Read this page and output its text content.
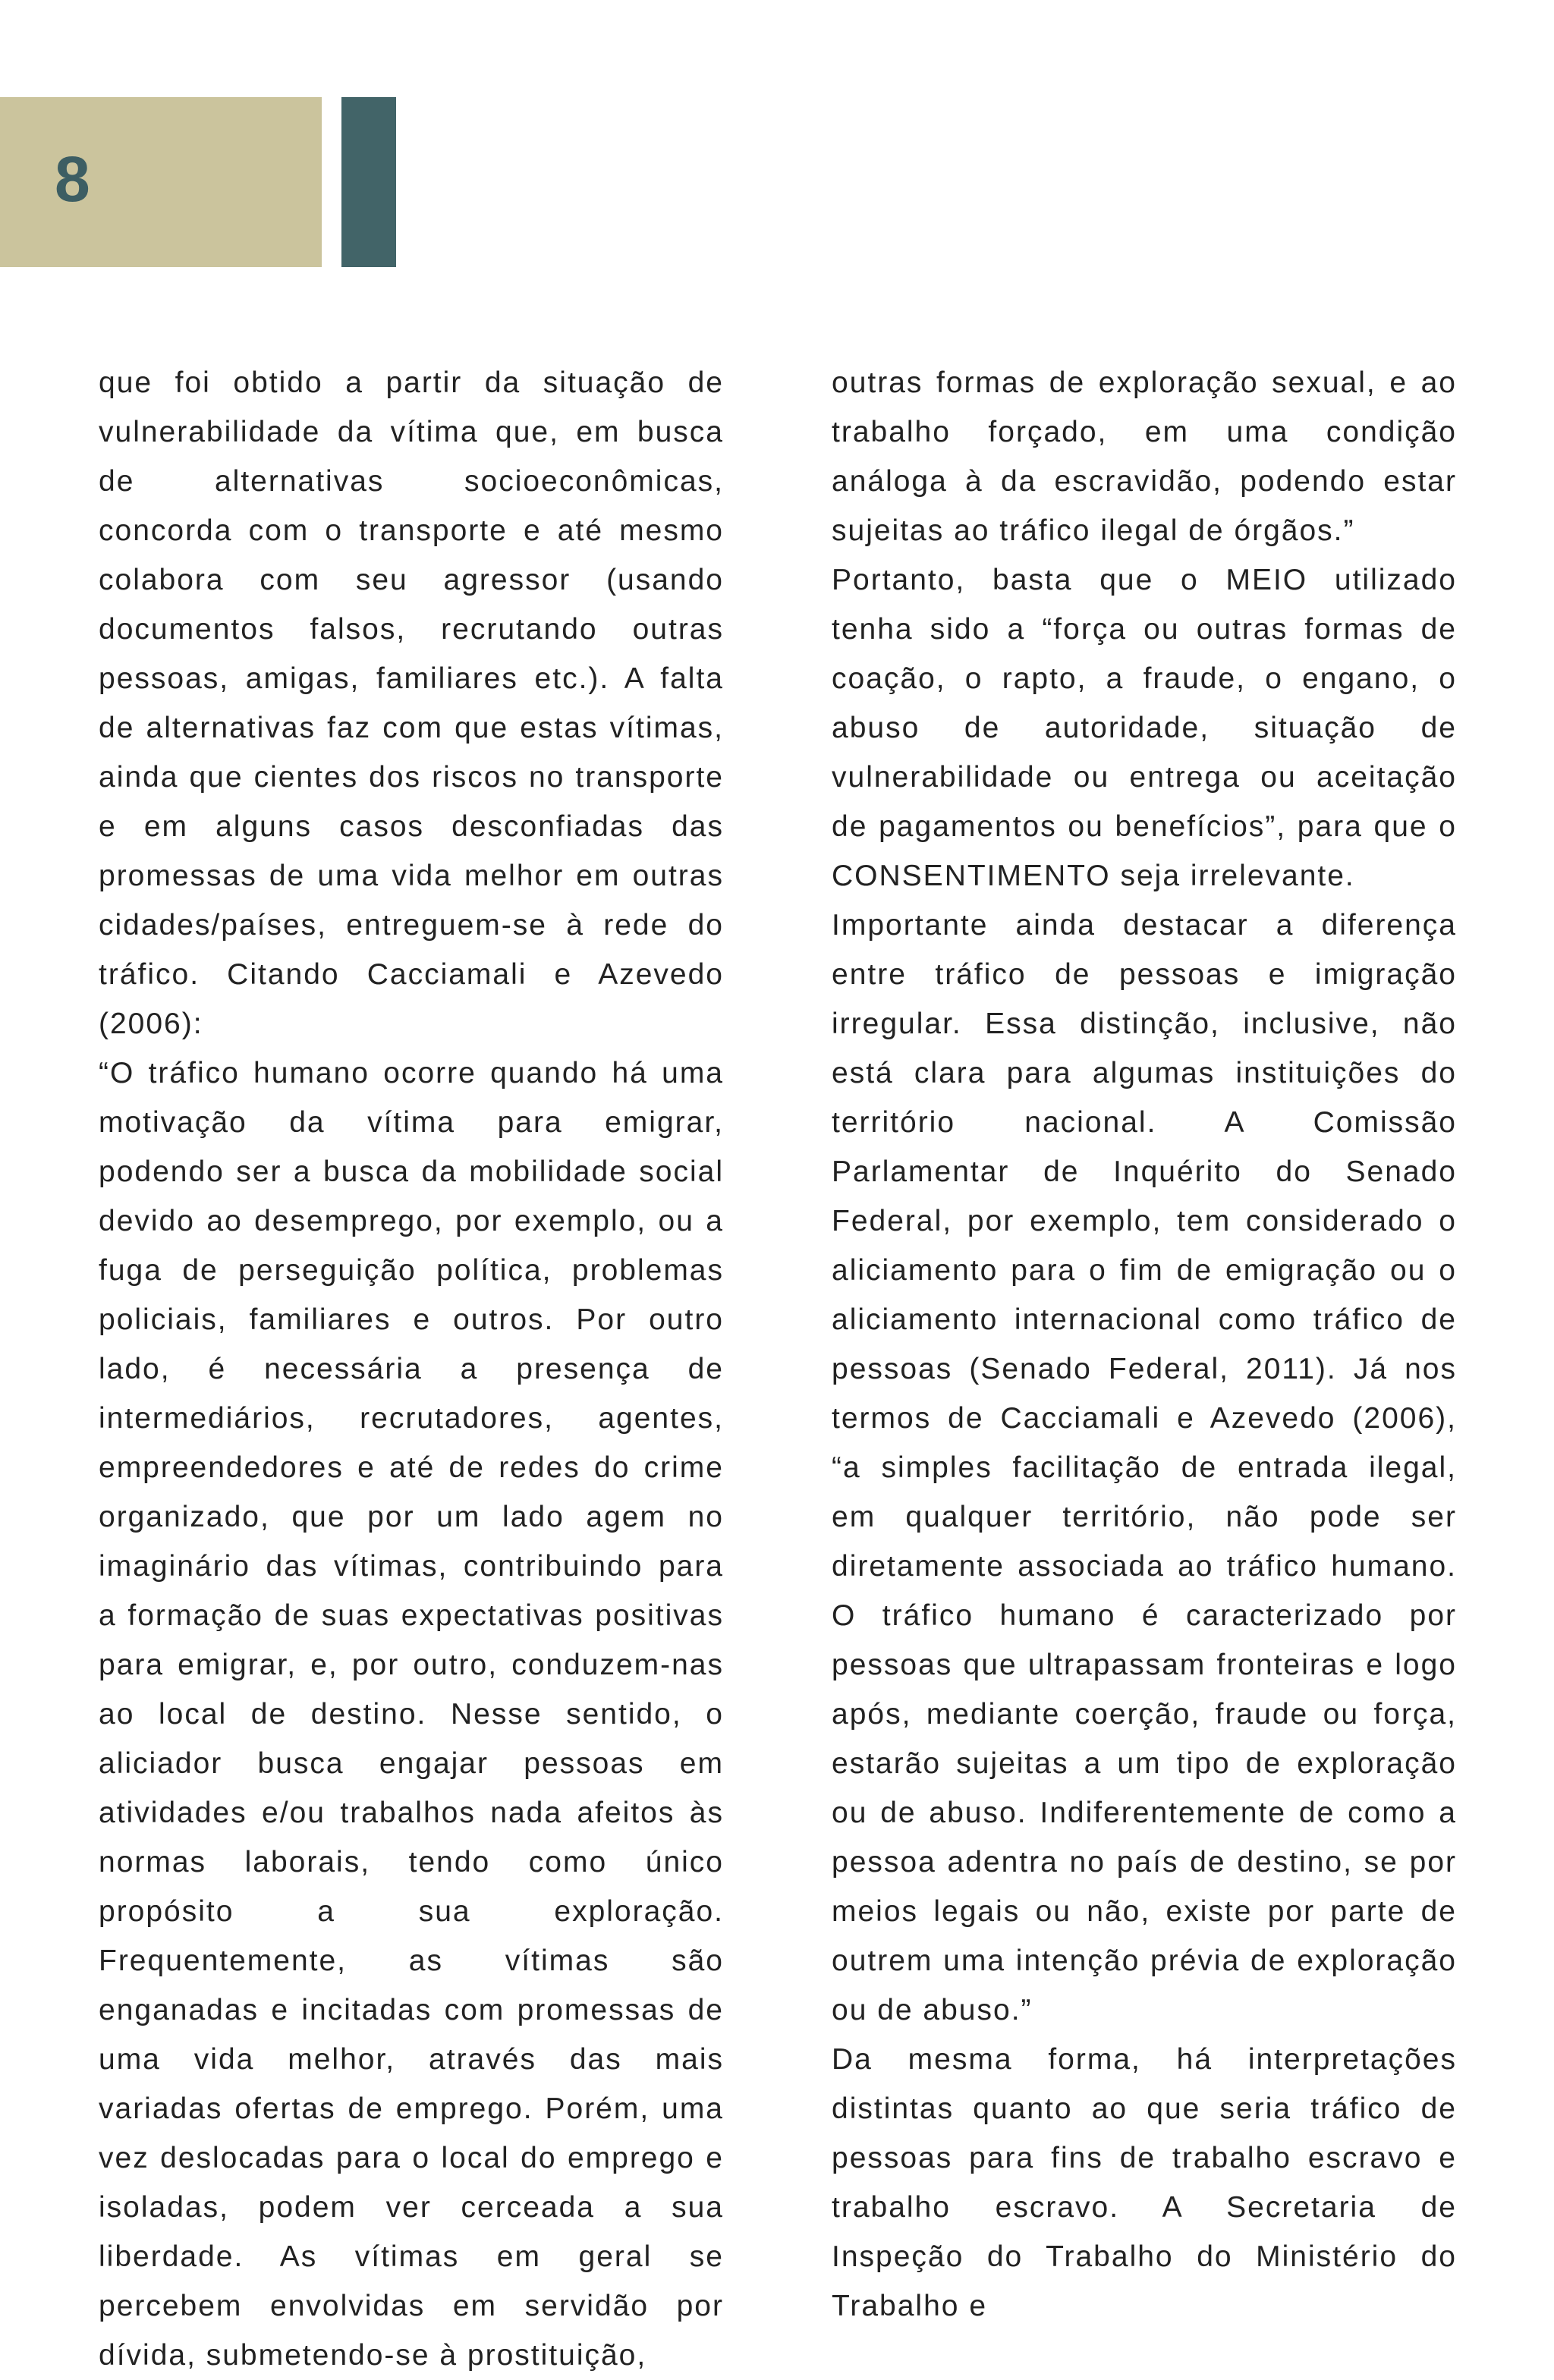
8

que foi obtido a partir da situação de vulnerabilidade da vítima que, em busca de alternativas socioeconômicas, concorda com o transporte e até mesmo colabora com seu agressor (usando documentos falsos, recrutando outras pessoas, amigas, familiares etc.). A falta de alternativas faz com que estas vítimas, ainda que cientes dos riscos no transporte e em alguns casos desconfiadas das promessas de uma vida melhor em outras cidades/países, entreguem-se à rede do tráfico. Citando Cacciamali e Azevedo (2006):

“O tráfico humano ocorre quando há uma motivação da vítima para emigrar, podendo ser a busca da mobilidade social devido ao desemprego, por exemplo, ou a fuga de perseguição política, problemas policiais, familiares e outros. Por outro lado, é necessária a presença de intermediários, recrutadores, agentes, empreendedores e até de redes do crime organizado, que por um lado agem no imaginário das vítimas, contribuindo para a formação de suas expectativas positivas para emigrar, e, por outro, conduzem-nas ao local de destino. Nesse sentido, o aliciador busca engajar pessoas em atividades e/ou trabalhos nada afeitos às normas laborais, tendo como único propósito a sua exploração. Frequentemente, as vítimas são enganadas e incitadas com promessas de uma vida melhor, através das mais variadas ofertas de emprego. Porém, uma vez deslocadas para o local do emprego e isoladas, podem ver cerceada a sua liberdade. As vítimas em geral se percebem envolvidas em servidão por dívida, submetendo-se à prostituição,

outras formas de exploração sexual, e ao trabalho forçado, em uma condição análoga à da escravidão, podendo estar sujeitas ao tráfico ilegal de órgãos.”

Portanto, basta que o MEIO utilizado tenha sido a “força ou outras formas de coação, o rapto, a fraude, o engano, o abuso de autoridade, situação de vulnerabilidade ou entrega ou aceitação de pagamentos ou benefícios”, para que o CONSENTIMENTO seja irrelevante.

Importante ainda destacar a diferença entre tráfico de pessoas e imigração irregular. Essa distinção, inclusive, não está clara para algumas instituições do território nacional. A Comissão Parlamentar de Inquérito do Senado Federal, por exemplo, tem considerado o aliciamento para o fim de emigração ou o aliciamento internacional como tráfico de pessoas (Senado Federal, 2011). Já nos termos de Cacciamali e Azevedo (2006), “a simples facilitação de entrada ilegal, em qualquer território, não pode ser diretamente associada ao tráfico humano. O tráfico humano é caracterizado por pessoas que ultrapassam fronteiras e logo após, mediante coerção, fraude ou força, estarão sujeitas a um tipo de exploração ou de abuso. Indiferentemente de como a pessoa adentra no país de destino, se por meios legais ou não, existe por parte de outrem uma intenção prévia de exploração ou de abuso.”

Da mesma forma, há interpretações distintas quanto ao que seria tráfico de pessoas para fins de trabalho escravo e trabalho escravo. A Secretaria de Inspeção do Trabalho do Ministério do Trabalho e
